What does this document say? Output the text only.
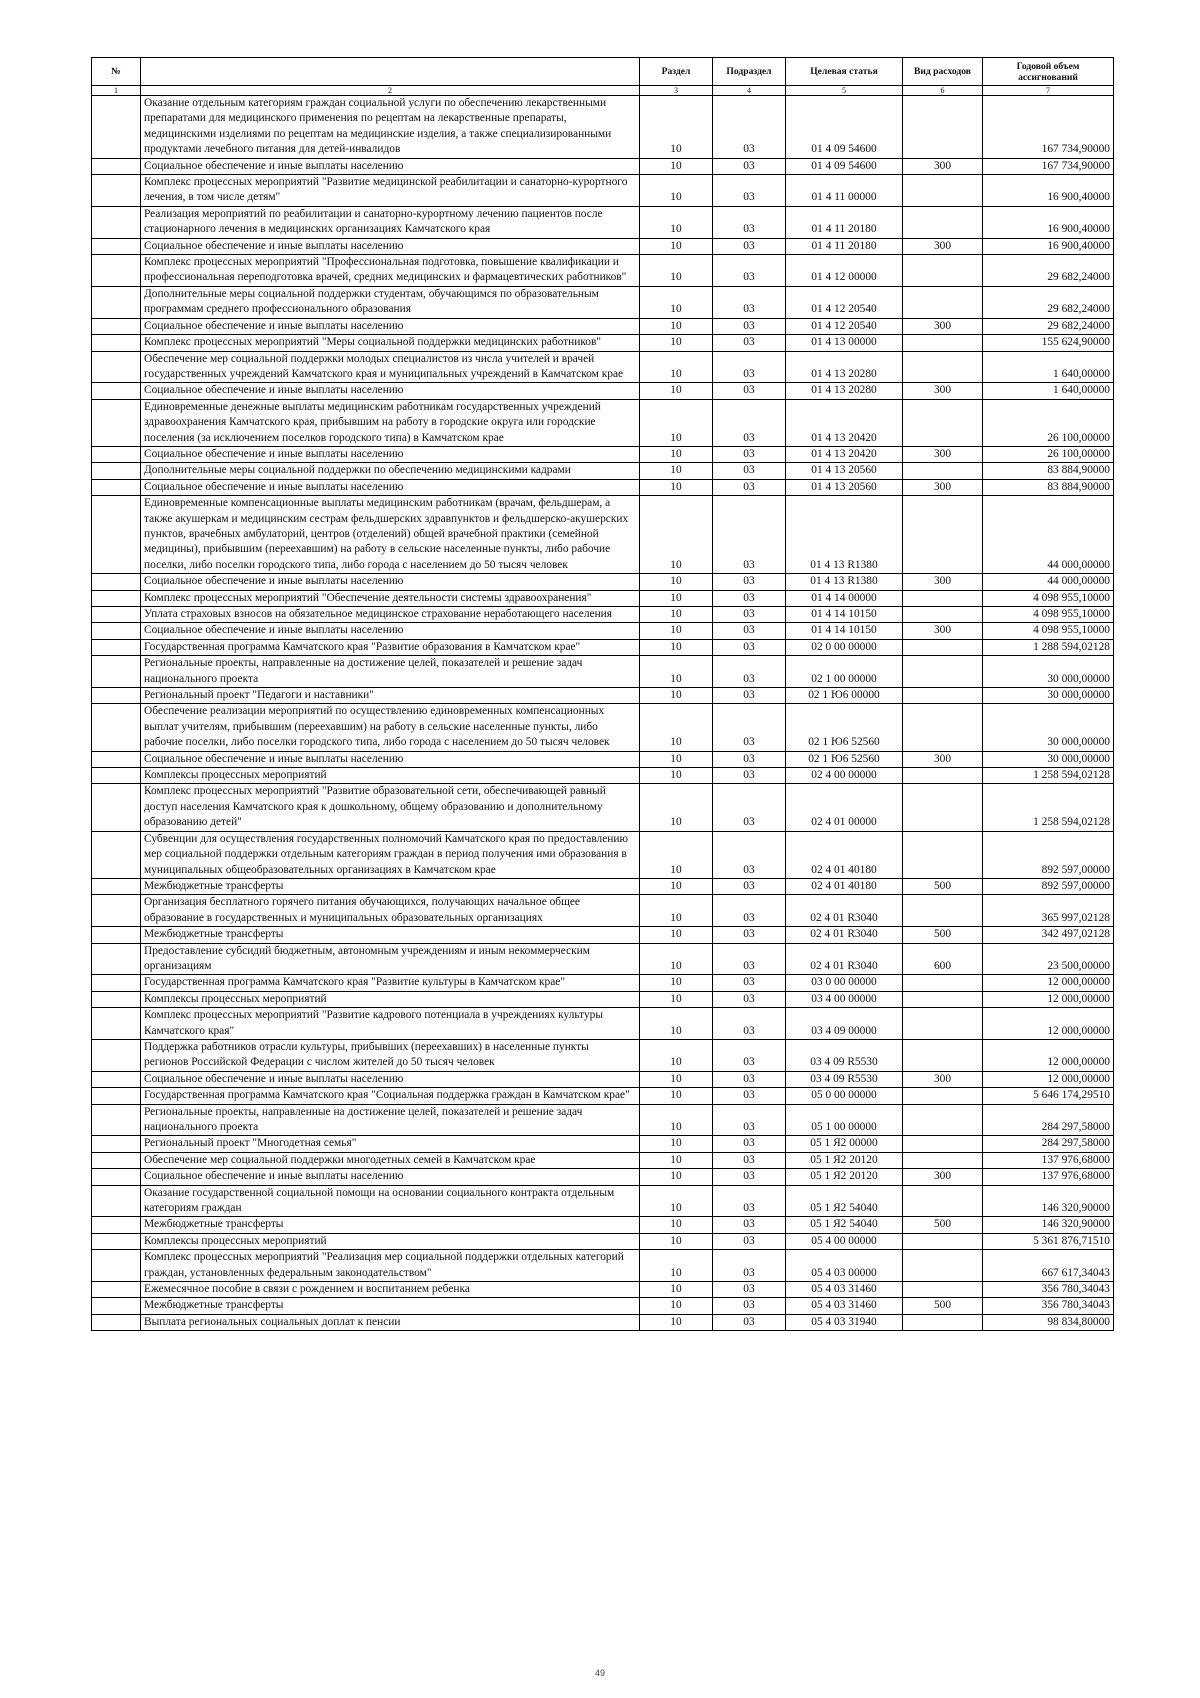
№		Раздел	Подраздел	Целевая статья	Вид расходов	Годовой объем ассигнований
1	2	3	4	5	6	7
	Оказание отдельным категориям граждан социальной услуги по обеспечению лекарственными препаратами для медицинского применения по рецептам на лекарственные препараты, медицинскими изделиями по рецептам на медицинские изделия, а также специализированными продуктами лечебного питания для детей-инвалидов	10	03	01 4 09 54600		167 734,90000
	Социальное обеспечение и иные выплаты населению	10	03	01 4 09 54600	300	167 734,90000
	Комплекс процессных мероприятий "Развитие медицинской реабилитации и санаторно-курортного лечения, в том числе детям"	10	03	01 4 11 00000		16 900,40000
	Реализация мероприятий по реабилитации и санаторно-курортному лечению пациентов после стационарного лечения в медицинских организациях Камчатского края	10	03	01 4 11 20180		16 900,40000
	Социальное обеспечение и иные выплаты населению	10	03	01 4 11 20180	300	16 900,40000
	Комплекс процессных мероприятий "Профессиональная подготовка, повышение квалификации и профессиональная переподготовка врачей, средних медицинских и фармацевтических работников"	10	03	01 4 12 00000		29 682,24000
	Дополнительные меры социальной поддержки студентам, обучающимся по образовательным программам среднего профессионального образования	10	03	01 4 12 20540		29 682,24000
	Социальное обеспечение и иные выплаты населению	10	03	01 4 12 20540	300	29 682,24000
	Комплекс процессных мероприятий "Меры социальной поддержки медицинских работников"	10	03	01 4 13 00000		155 624,90000
	Обеспечение мер социальной поддержки молодых специалистов из числа учителей и врачей государственных учреждений Камчатского края и муниципальных учреждений в Камчатском крае	10	03	01 4 13 20280		1 640,00000
	Социальное обеспечение и иные выплаты населению	10	03	01 4 13 20280	300	1 640,00000
	Единовременные денежные выплаты медицинским работникам государственных учреждений здравоохранения Камчатского края, прибывшим на работу в городские округа или городские поселения (за исключением поселков городского типа) в Камчатском крае	10	03	01 4 13 20420		26 100,00000
	Социальное обеспечение и иные выплаты населению	10	03	01 4 13 20420	300	26 100,00000
	Дополнительные меры социальной поддержки по обеспечению медицинскими кадрами	10	03	01 4 13 20560		83 884,90000
	Социальное обеспечение и иные выплаты населению	10	03	01 4 13 20560	300	83 884,90000
	Единовременные компенсационные выплаты медицинским работникам (врачам, фельдшерам, а также акушеркам и медицинским сестрам фельдшерских здравпунктов и фельдшерско-акушерских пунктов, врачебных амбулаторий, центров (отделений) общей врачебной практики (семейной медицины), прибывшим (переехавшим) на работу в сельские населенные пункты, либо рабочие поселки, либо поселки городского типа, либо города с населением до 50 тысяч человек	10	03	01 4 13 R1380		44 000,00000
	Социальное обеспечение и иные выплаты населению	10	03	01 4 13 R1380	300	44 000,00000
	Комплекс процессных мероприятий "Обеспечение деятельности системы здравоохранения"	10	03	01 4 14 00000		4 098 955,10000
	Уплата страховых взносов на обязательное медицинское страхование неработающего населения	10	03	01 4 14 10150		4 098 955,10000
	Социальное обеспечение и иные выплаты населению	10	03	01 4 14 10150	300	4 098 955,10000
	Государственная программа Камчатского края "Развитие образования в Камчатском крае"	10	03	02 0 00 00000		1 288 594,02128
	Региональные проекты, направленные на достижение целей, показателей и решение задач национального проекта	10	03	02 1 00 00000		30 000,00000
	Региональный проект "Педагоги и наставники"	10	03	02 1 Ю6 00000		30 000,00000
	Обеспечение реализации мероприятий по осуществлению единовременных компенсационных выплат учителям, прибывшим (переехавшим) на работу в сельские населенные пункты, либо рабочие поселки, либо поселки городского типа, либо города с населением до 50 тысяч человек	10	03	02 1 Ю6 52560		30 000,00000
	Социальное обеспечение и иные выплаты населению	10	03	02 1 Ю6 52560	300	30 000,00000
	Комплексы процессных мероприятий	10	03	02 4 00 00000		1 258 594,02128
	Комплекс процессных мероприятий "Развитие образовательной сети, обеспечивающей равный доступ населения Камчатского края к дошкольному, общему образованию и дополнительному образованию детей"	10	03	02 4 01 00000		1 258 594,02128
	Субвенции для осуществления государственных полномочий Камчатского края по предоставлению мер социальной поддержки отдельным категориям граждан в период получения ими образования в муниципальных общеобразовательных организациях в Камчатском крае	10	03	02 4 01 40180		892 597,00000
	Межбюджетные трансферты	10	03	02 4 01 40180	500	892 597,00000
	Организация бесплатного горячего питания обучающихся, получающих начальное общее образование в государственных и муниципальных образовательных организациях	10	03	02 4 01 R3040		365 997,02128
	Межбюджетные трансферты	10	03	02 4 01 R3040	500	342 497,02128
	Предоставление субсидий бюджетным, автономным учреждениям и иным некоммерческим организациям	10	03	02 4 01 R3040	600	23 500,00000
	Государственная программа Камчатского края "Развитие культуры в Камчатском крае"	10	03	03 0 00 00000		12 000,00000
	Комплексы процессных мероприятий	10	03	03 4 00 00000		12 000,00000
	Комплекс процессных мероприятий "Развитие кадрового потенциала в учреждениях культуры Камчатского края"	10	03	03 4 09 00000		12 000,00000
	Поддержка работников отрасли культуры, прибывших (переехавших) в населенные пункты регионов Российской Федерации с числом жителей до 50 тысяч человек	10	03	03 4 09 R5530		12 000,00000
	Социальное обеспечение и иные выплаты населению	10	03	03 4 09 R5530	300	12 000,00000
	Государственная программа Камчатского края "Социальная поддержка граждан в Камчатском крае"	10	03	05 0 00 00000		5 646 174,29510
	Региональные проекты, направленные на достижение целей, показателей и решение задач национального проекта	10	03	05 1 00 00000		284 297,58000
	Региональный проект "Многодетная семья"	10	03	05 1 Я2 00000		284 297,58000
	Обеспечение мер социальной поддержки многодетных семей в Камчатском крае	10	03	05 1 Я2 20120		137 976,68000
	Социальное обеспечение и иные выплаты населению	10	03	05 1 Я2 20120	300	137 976,68000
	Оказание государственной социальной помощи на основании социального контракта отдельным категориям граждан	10	03	05 1 Я2 54040		146 320,90000
	Межбюджетные трансферты	10	03	05 1 Я2 54040	500	146 320,90000
	Комплексы процессных мероприятий	10	03	05 4 00 00000		5 361 876,71510
	Комплекс процессных мероприятий "Реализация мер социальной поддержки отдельных категорий граждан, установленных федеральным законодательством"	10	03	05 4 03 00000		667 617,34043
	Ежемесячное пособие в связи с рождением и воспитанием ребенка	10	03	05 4 03 31460		356 780,34043
	Межбюджетные трансферты	10	03	05 4 03 31460	500	356 780,34043
	Выплата региональных социальных доплат к пенсии	10	03	05 4 03 31940		98 834,80000
49
